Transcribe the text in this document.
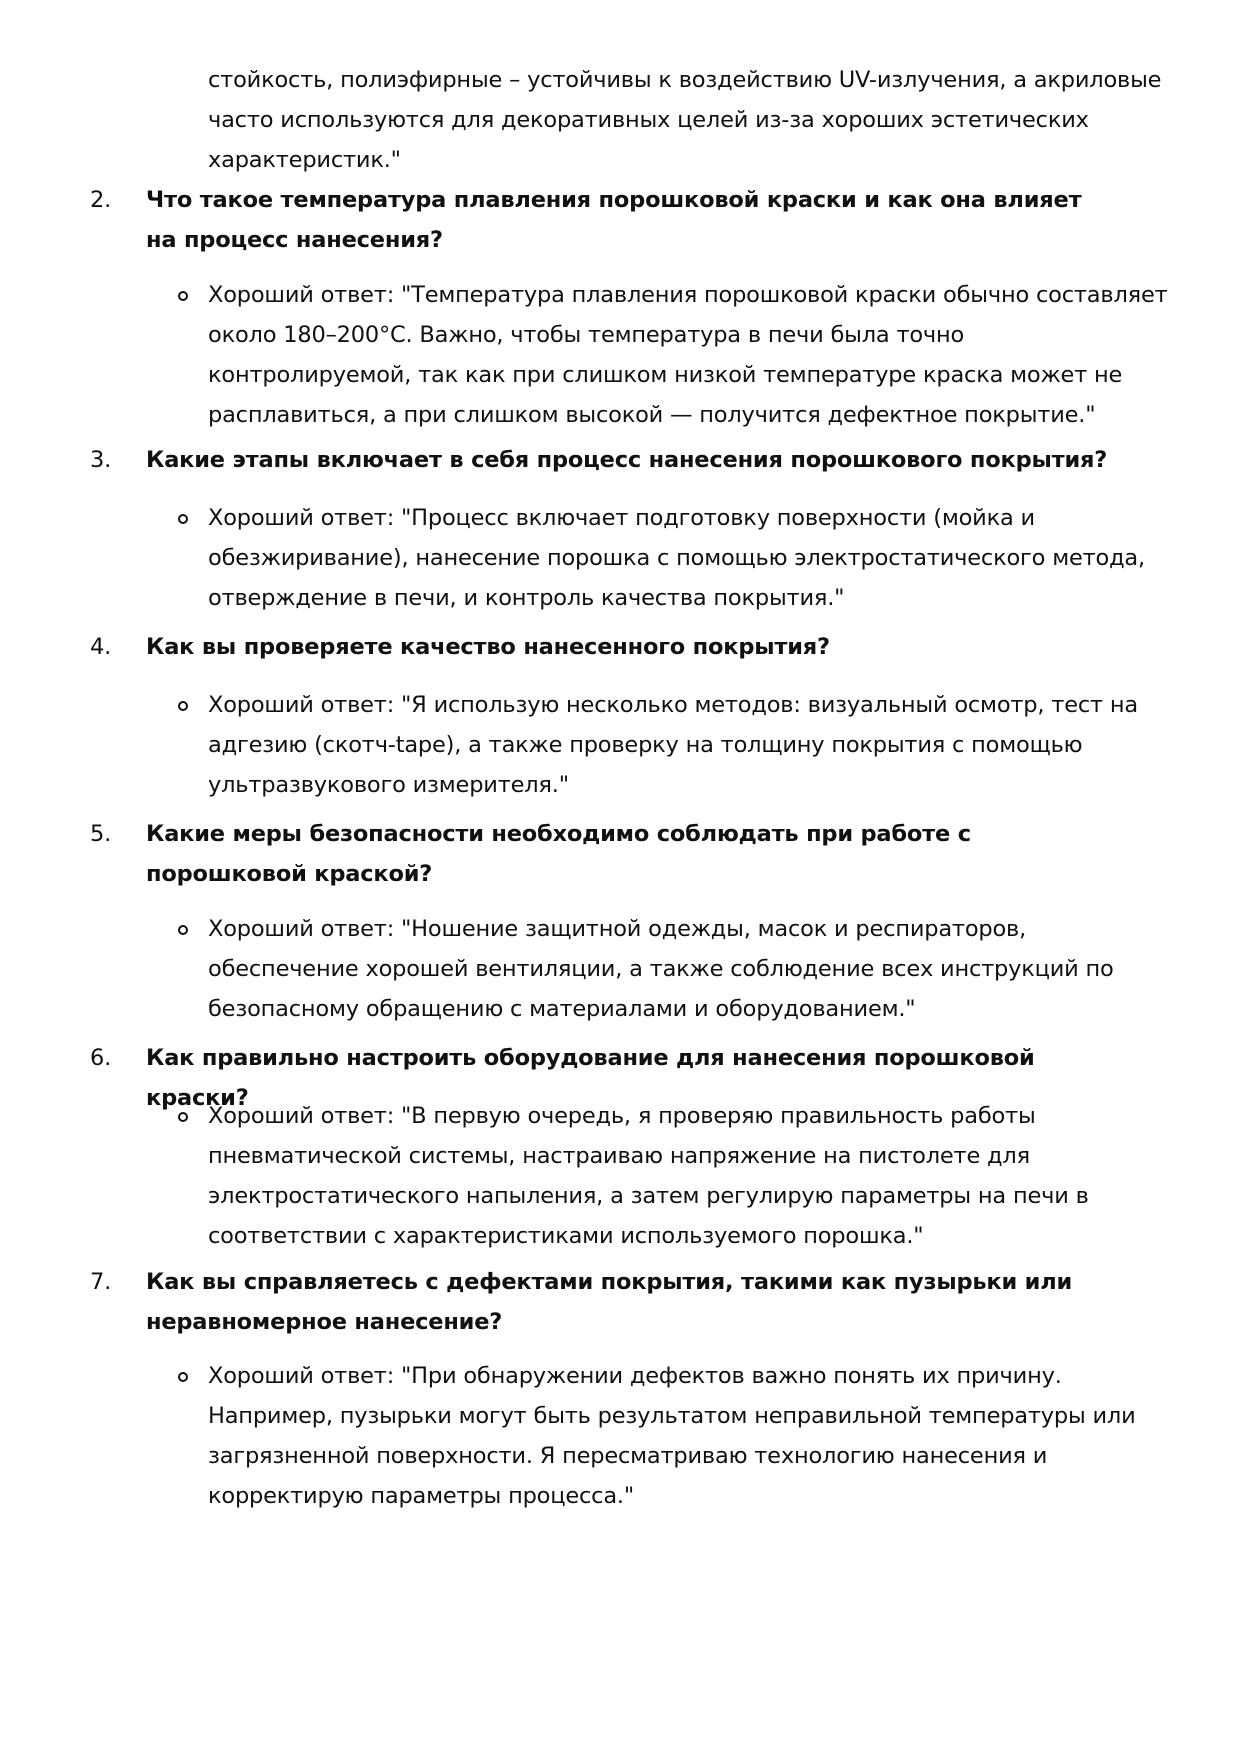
стойкость, полиэфирные – устойчивы к воздействию UV-излучения, а акриловые часто используются для декоративных целей из-за хороших эстетических характеристик."
2. Что такое температура плавления порошковой краски и как она влияет на процесс нанесения?
Хороший ответ: "Температура плавления порошковой краски обычно составляет около 180–200°C. Важно, чтобы температура в печи была точно контролируемой, так как при слишком низкой температуре краска может не расплавиться, а при слишком высокой — получится дефектное покрытие."
3. Какие этапы включает в себя процесс нанесения порошкового покрытия?
Хороший ответ: "Процесс включает подготовку поверхности (мойка и обезжиривание), нанесение порошка с помощью электростатического метода, отверждение в печи, и контроль качества покрытия."
4. Как вы проверяете качество нанесенного покрытия?
Хороший ответ: "Я использую несколько методов: визуальный осмотр, тест на адгезию (скотч-tape), а также проверку на толщину покрытия с помощью ультразвукового измерителя."
5. Какие меры безопасности необходимо соблюдать при работе с порошковой краской?
Хороший ответ: "Ношение защитной одежды, масок и респираторов, обеспечение хорошей вентиляции, а также соблюдение всех инструкций по безопасному обращению с материалами и оборудованием."
6. Как правильно настроить оборудование для нанесения порошковой краски?
Хороший ответ: "В первую очередь, я проверяю правильность работы пневматической системы, настраиваю напряжение на пистолете для электростатического напыления, а затем регулирую параметры на печи в соответствии с характеристиками используемого порошка."
7. Как вы справляетесь с дефектами покрытия, такими как пузырьки или неравномерное нанесение?
Хороший ответ: "При обнаружении дефектов важно понять их причину. Например, пузырьки могут быть результатом неправильной температуры или загрязненной поверхности. Я пересматриваю технологию нанесения и корректирую параметры процесса."
